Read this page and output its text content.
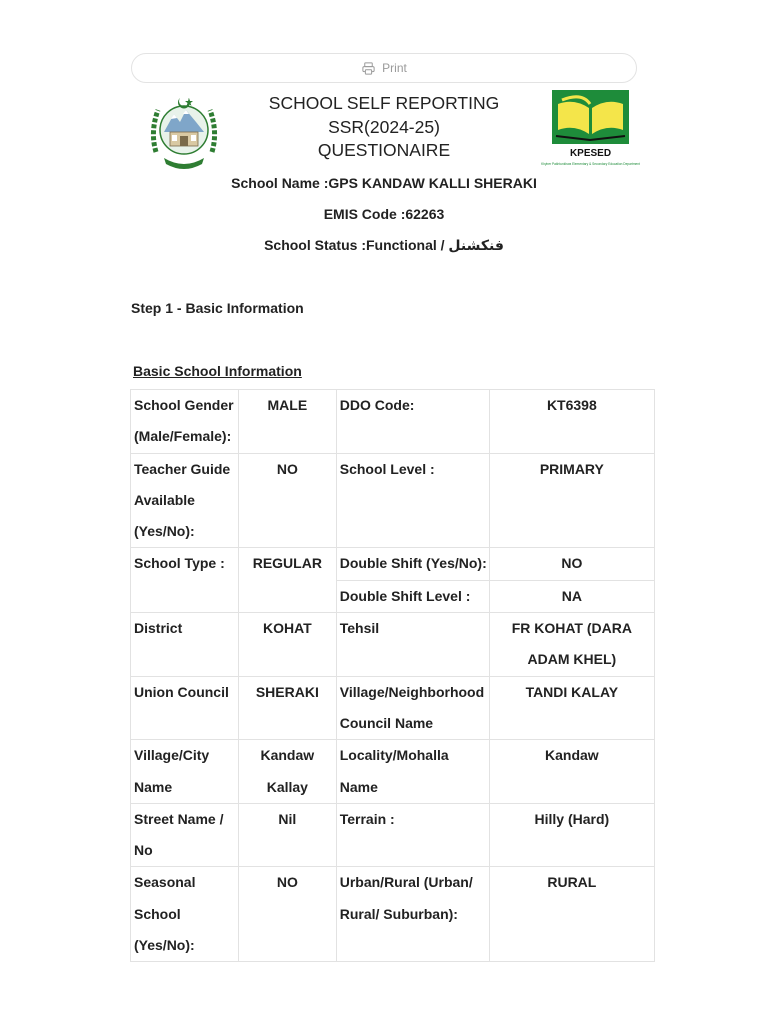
Print
SCHOOL SELF REPORTING
SSR(2024-25)
QUESTIONAIRE	KPESED
Khyber Pakhtunkhwa Elementary & Secondary Education Department
School Name :GPS KANDAW KALLI SHERAKI
EMIS Code :62263
School Status :Functional / فنکشنل
Step 1 - Basic Information
Basic School Information
School Gender (Male/Female):	MALE	DDO Code:	KT6398
Teacher Guide Available (Yes/No):	NO	School Level :	PRIMARY
School Type :	REGULAR	Double Shift (Yes/No):	NO
		Double Shift Level :	NA
District	KOHAT	Tehsil	FR KOHAT (DARA ADAM KHEL)
Union Council	SHERAKI	Village/Neighborhood Council Name	TANDI KALAY
Village/City Name	Kandaw Kallay	Locality/Mohalla Name	Kandaw
Street Name / No	Nil	Terrain :	Hilly (Hard)
Seasonal School (Yes/No):	NO	Urban/Rural (Urban/ Rural/ Suburban):	RURAL
